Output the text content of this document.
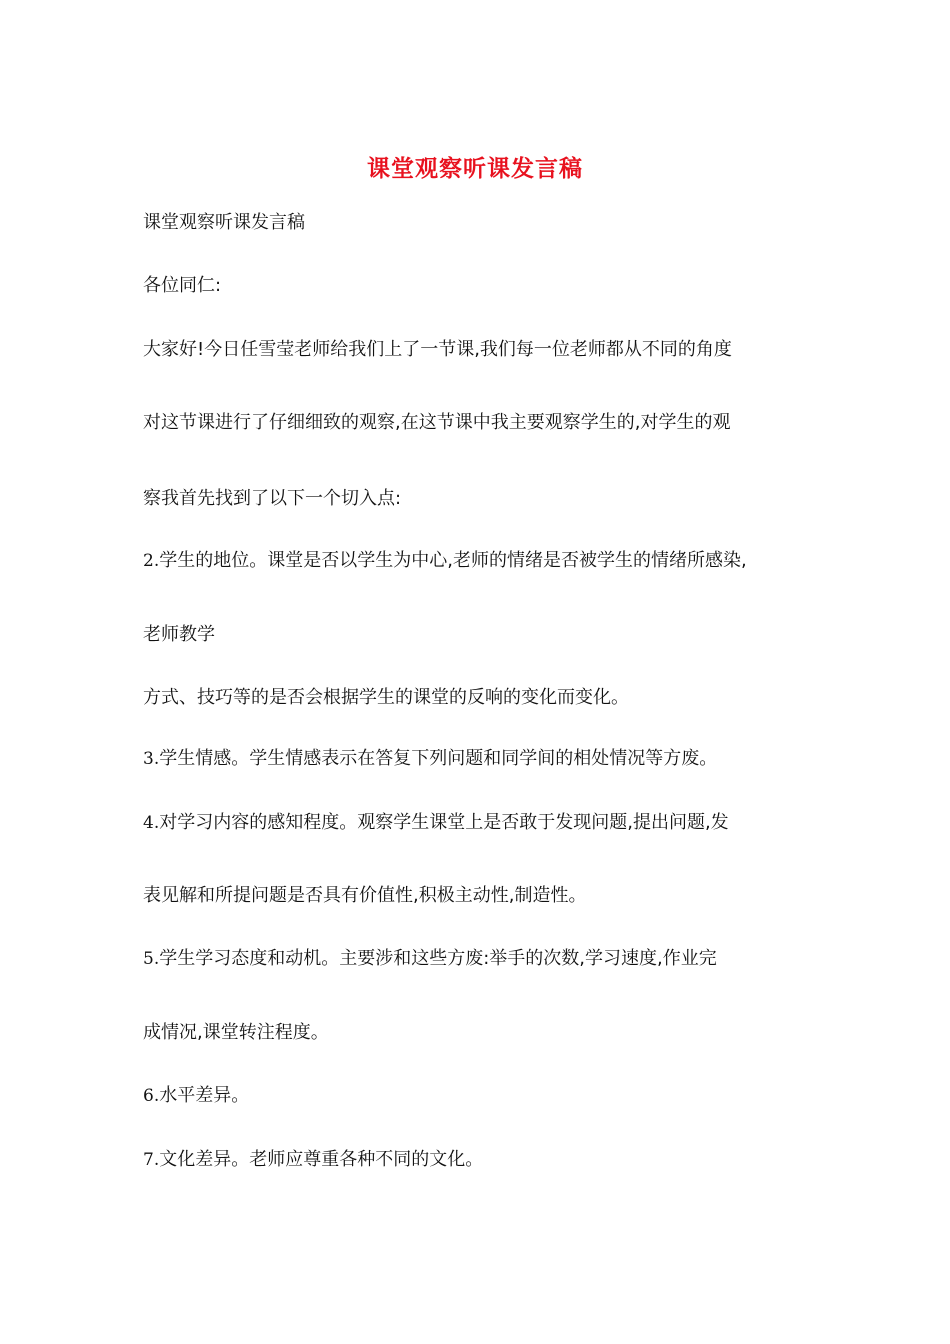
课堂观察听课发言稿
课堂观察听课发言稿
各位同仁:
大家好!今日任雪莹老师给我们上了一节课,我们每一位老师都从不同的角度
对这节课进行了仔细细致的观察,在这节课中我主要观察学生的,对学生的观
察我首先找到了以下一个切入点:
2.学生的地位。课堂是否以学生为中心,老师的情绪是否被学生的情绪所感染,
老师教学
方式、技巧等的是否会根据学生的课堂的反响的变化而变化。
3.学生情感。学生情感表示在答复下列问题和同学间的相处情况等方废。
4.对学习内容的感知程度。观察学生课堂上是否敢于发现问题,提出问题,发
表见解和所提问题是否具有价值性,积极主动性,制造性。
5.学生学习态度和动机。主要涉和这些方废:举手的次数,学习速度,作业完
成情况,课堂转注程度。
6.水平差异。
7.文化差异。老师应尊重各种不同的文化。
